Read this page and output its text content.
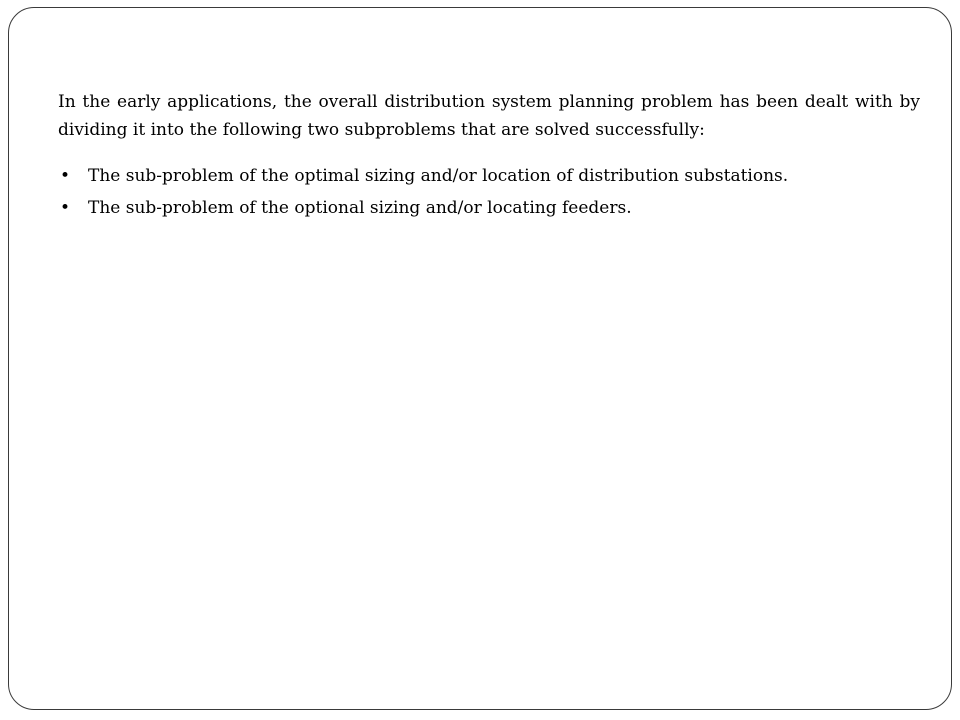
In the early applications, the overall distribution system planning problem has been dealt with by dividing it into the following two subproblems that are solved successfully:

•	The sub-problem of the optimal sizing and/or location of distribution substations.
•	The sub-problem of the optional sizing and/or locating feeders.
